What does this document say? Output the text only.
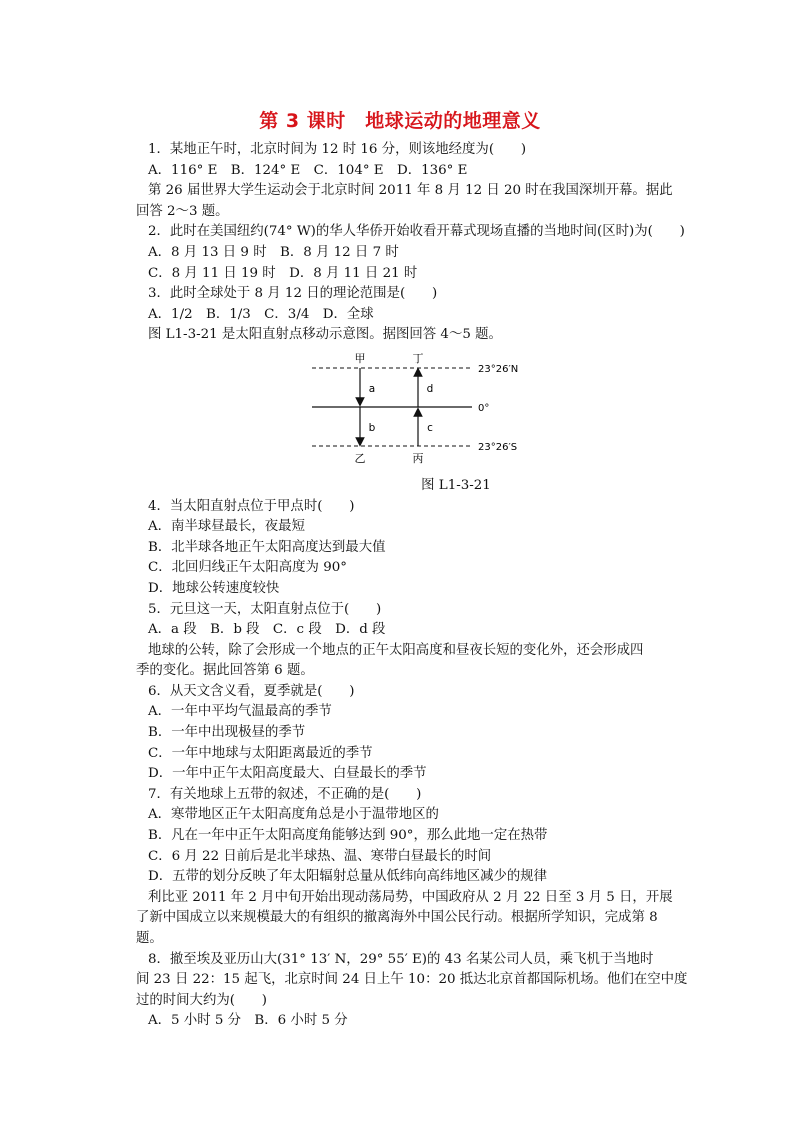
第 3 课时　地球运动的地理意义

1．某地正午时，北京时间为 12 时 16 分，则该地经度为(　　)

A．116° E　B．124° E　C．104° E　D．136° E

第 26 届世界大学生运动会于北京时间 2011 年 8 月 12 日 20 时在我国深圳开幕。据此

回答 2～3 题。

2．此时在美国纽约(74° W)的华人华侨开始收看开幕式现场直播的当地时间(区时)为(　　)

A．8 月 13 日 9 时　B．8 月 12 日 7 时

C．8 月 11 日 19 时　D．8 月 11 日 21 时

3．此时全球处于 8 月 12 日的理论范围是(　　)

A．1/2　B．1/3　C．3/4　D．全球

图 L1-3-21 是太阳直射点移动示意图。据图回答 4～5 题。

甲	丁
乙	丙
a
b	c
d
23°26′N
0°
23°26′S

图 L1-3-21

4．当太阳直射点位于甲点时(　　)

A．南半球昼最长，夜最短

B．北半球各地正午太阳高度达到最大值

C．北回归线正午太阳高度为 90°

D．地球公转速度较快

5．元旦这一天，太阳直射点位于(　　)

A．a 段　B．b 段　C．c 段　D．d 段

地球的公转，除了会形成一个地点的正午太阳高度和昼夜长短的变化外，还会形成四

季的变化。据此回答第 6 题。

6．从天文含义看，夏季就是(　　)

A．一年中平均气温最高的季节

B．一年中出现极昼的季节

C．一年中地球与太阳距离最近的季节

D．一年中正午太阳高度最大、白昼最长的季节

7．有关地球上五带的叙述，不正确的是(　　)

A．寒带地区正午太阳高度角总是小于温带地区的

B．凡在一年中正午太阳高度角能够达到 90°，那么此地一定在热带

C．6 月 22 日前后是北半球热、温、寒带白昼最长的时间

D．五带的划分反映了年太阳辐射总量从低纬向高纬地区减少的规律

利比亚 2011 年 2 月中旬开始出现动荡局势，中国政府从 2 月 22 日至 3 月 5 日，开展

了新中国成立以来规模最大的有组织的撤离海外中国公民行动。根据所学知识，完成第 8

题。

8．撤至埃及亚历山大(31° 13′ N，29° 55′ E)的 43 名某公司人员，乘飞机于当地时

间 23 日 22：15 起飞，北京时间 24 日上午 10：20 抵达北京首都国际机场。他们在空中度

过的时间大约为(　　)

A．5 小时 5 分　B．6 小时 5 分
